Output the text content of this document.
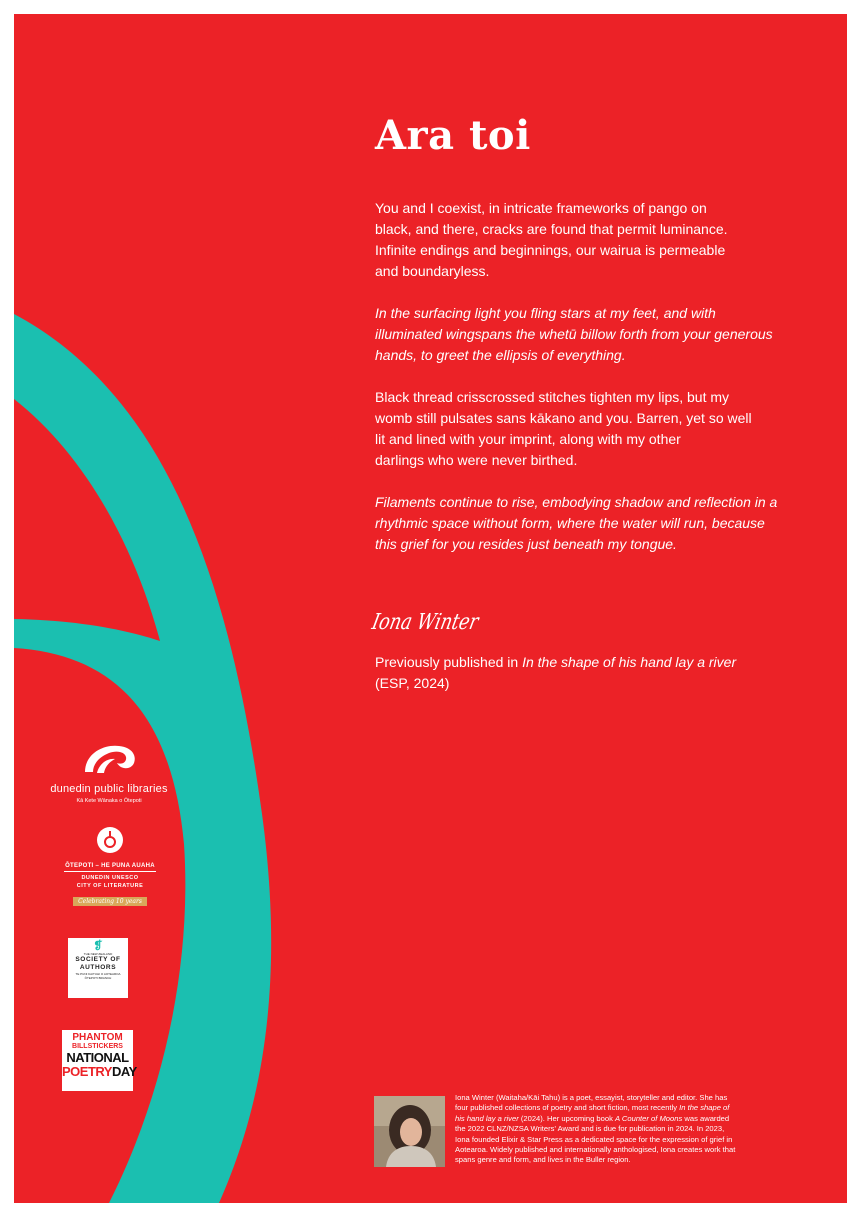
Ara toi

You and I coexist, in intricate frameworks of pango on
black, and there, cracks are found that permit luminance.
Infinite endings and beginnings, our wairua is permeable
and boundaryless.

In the surfacing light you fling stars at my feet, and with
illuminated wingspans the whetū billow forth from your generous
hands, to greet the ellipsis of everything.

Black thread crisscrossed stitches tighten my lips, but my
womb still pulsates sans kākano and you. Barren, yet so well
lit and lined with your imprint, along with my other
darlings who were never birthed.

Filaments continue to rise, embodying shadow and reflection in a
rhythmic space without form, where the water will run, because
this grief for you resides just beneath my tongue.

Iona Winter
Previously published in In the shape of his hand lay a river
(ESP, 2024)
dunedin public libraries
Kā Kete Wānaka o Ōtepoti
ŌTEPOTI – HE PUNA AUAHA
DUNEDIN UNESCO
CITY OF LITERATURE
Celebrating 10 years
❡
THE NEW ZEALAND
SOCIETY OF
AUTHORS
TE PUNI KAITUHI O AOTEAROA
ŌTEPOTI BRANCH
PHANTOM
BILLSTICKERS
NATIONAL
POETRYDAY
Iona Winter (Waitaha/Kāi Tahu) is a poet, essayist, storyteller and editor. She has
four published collections of poetry and short fiction, most recently In the shape of
his hand lay a river (2024). Her upcoming book A Counter of Moons was awarded
the 2022 CLNZ/NZSA Writers' Award and is due for publication in 2024. In 2023,
Iona founded Elixir & Star Press as a dedicated space for the expression of grief in
Aotearoa. Widely published and internationally anthologised, Iona creates work that
spans genre and form, and lives in the Buller region.
